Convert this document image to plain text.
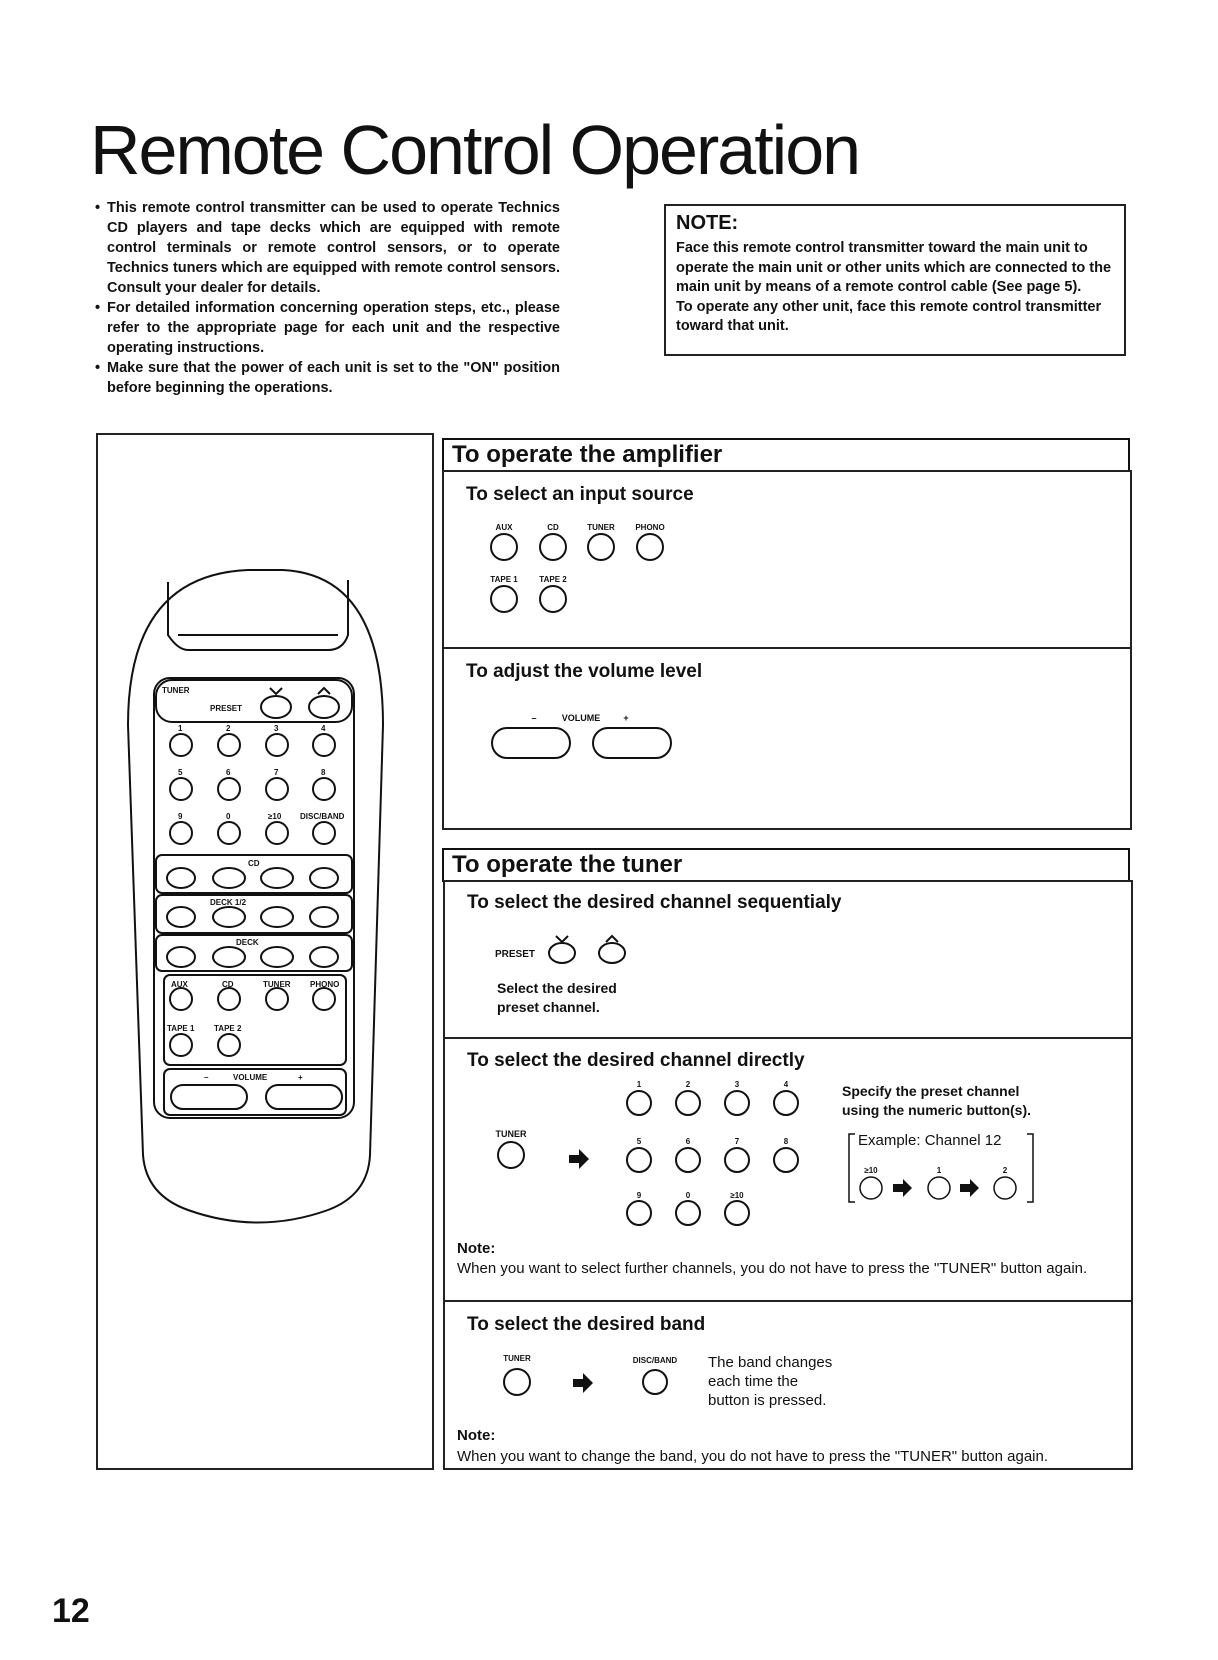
Remote Control Operation
• This remote control transmitter can be used to operate Technics CD players and tape decks which are equipped with remote control terminals or remote control sensors, or to operate Technics tuners which are equipped with remote control sensors. Consult your dealer for details.
• For detailed information concerning operation steps, etc., please refer to the appropriate page for each unit and the respective operating instructions.
• Make sure that the power of each unit is set to the "ON" position before beginning the operations.
NOTE:

Face this remote control transmitter toward the main unit to operate the main unit or other units which are connected to the main unit by means of a remote control cable (See page 5).

To operate any other unit, face this remote control transmitter toward that unit.

TUNER
PRESET
1	2	3	4
5	6	7	8
9	0	≥10 DISC/BAND
CD
DECK 1/2
DECK
AUX	CD	TUNER PHONO
TAPE 1 TAPE 2
VOLUME
–	+
To operate the amplifier
To select an input source
AUX	CD	TUNER	PHONO
TAPE 1	TAPE 2
To adjust the volume level
–	VOLUME	+
To operate the tuner
To select the desired channel sequentialy
PRESET
Select the desired
preset channel.
To select the desired channel directly
TUNER
1	2	3	4
5	6	7	8
9	0	≥10
Specify the preset channel
using the numeric button(s).
Example: Channel 12
≥10	1	2
Note:
When you want to select further channels, you do not have to press the "TUNER" button again.
To select the desired band
TUNER	DISC/BAND The band changes
each time the
button is pressed.
Note:
When you want to change the band, you do not have to press the "TUNER" button again.
12
